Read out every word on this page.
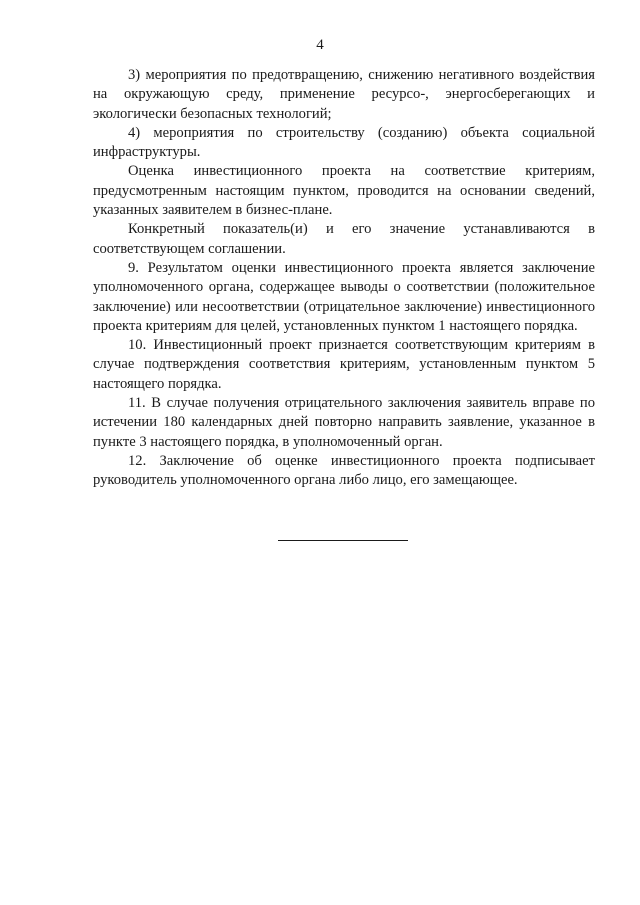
4

3) мероприятия по предотвращению, снижению негативного воздействия на окружающую среду, применение ресурсо-, энергосберегающих и экологически безопасных технологий;

4) мероприятия по строительству (созданию) объекта социальной инфраструктуры.

Оценка инвестиционного проекта на соответствие критериям, предусмотренным настоящим пунктом, проводится на основании сведений, указанных заявителем в бизнес-плане.

Конкретный показатель(и) и его значение устанавливаются в соответствующем соглашении.

9. Результатом оценки инвестиционного проекта является заключение уполномоченного органа, содержащее выводы о соответствии (положительное заключение) или несоответствии (отрицательное заключение) инвестиционного проекта критериям для целей, установленных пунктом 1 настоящего порядка.

10. Инвестиционный проект признается соответствующим критериям в случае подтверждения соответствия критериям, установленным пунктом 5 настоящего порядка.

11. В случае получения отрицательного заключения заявитель вправе по истечении 180 календарных дней повторно направить заявление, указанное в пункте 3 настоящего порядка, в уполномоченный орган.

12. Заключение об оценке инвестиционного проекта подписывает руководитель уполномоченного органа либо лицо, его замещающее.
